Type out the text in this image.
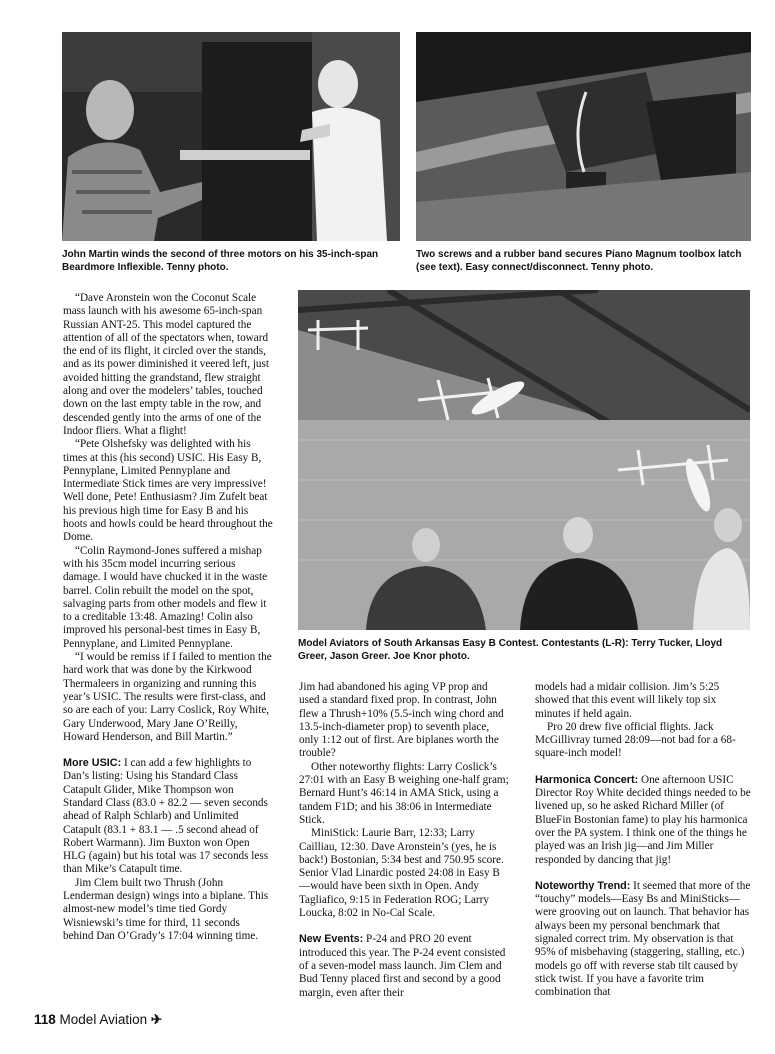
John Martin winds the second of three motors on his 35-inch-span Beardmore Inflexible. Tenny photo.
Two screws and a rubber band secures Piano Magnum toolbox latch (see text). Easy connect/disconnect. Tenny photo.
Model Aviators of South Arkansas Easy B Contest. Contestants (L-R): Terry Tucker, Lloyd Greer, Jason Greer. Joe Knor photo.

“Dave Aronstein won the Coconut Scale mass launch with his awesome 65-inch-span Russian ANT-25. This model captured the attention of all of the spectators when, toward the end of its flight, it circled over the stands, and as its power diminished it veered left, just avoided hitting the grandstand, flew straight along and over the modelers’ tables, touched down on the last empty table in the row, and descended gently into the arms of one of the Indoor fliers. What a flight!

“Pete Olshefsky was delighted with his times at this (his second) USIC. His Easy B, Pennyplane, Limited Pennyplane and Intermediate Stick times are very impressive! Well done, Pete! Enthusiasm? Jim Zufelt beat his previous high time for Easy B and his hoots and howls could be heard throughout the Dome.

“Colin Raymond-Jones suffered a mishap with his 35cm model incurring serious damage. I would have chucked it in the waste barrel. Colin rebuilt the model on the spot, salvaging parts from other models and flew it to a creditable 13:48. Amazing! Colin also improved his personal-best times in Easy B, Pennyplane, and Limited Pennyplane.

“I would be remiss if I failed to mention the hard work that was done by the Kirkwood Thermaleers in organizing and running this year’s USIC. The results were first-class, and so are each of you: Larry Coslick, Roy White, Gary Underwood, Mary Jane O’Reilly, Howard Henderson, and Bill Martin.”

More USIC: I can add a few highlights to Dan’s listing: Using his Standard Class Catapult Glider, Mike Thompson won Standard Class (83.0 + 82.2 — seven seconds ahead of Ralph Schlarb) and Unlimited Catapult (83.1 + 83.1 — .5 second ahead of Robert Warmann). Jim Buxton won Open HLG (again) but his total was 17 seconds less than Mike’s Catapult time.

Jim Clem built two Thrush (John Lenderman design) wings into a biplane. This almost-new model’s time tied Gordy Wisniewski’s time for third, 11 seconds behind Dan O’Grady’s 17:04 winning time.

Jim had abandoned his aging VP prop and used a standard fixed prop. In contrast, John flew a Thrush+10% (5.5-inch wing chord and 13.5-inch-diameter prop) to seventh place, only 1:12 out of first. Are biplanes worth the trouble?

Other noteworthy flights: Larry Coslick’s 27:01 with an Easy B weighing one-half gram; Bernard Hunt’s 46:14 in AMA Stick, using a tandem F1D; and his 38:06 in Intermediate Stick.

MiniStick: Laurie Barr, 12:33; Larry Cailliau, 12:30. Dave Aronstein’s (yes, he is back!) Bostonian, 5:34 best and 750.95 score. Senior Vlad Linardic posted 24:08 in Easy B—would have been sixth in Open. Andy Tagliafico, 9:15 in Federation ROG; Larry Loucka, 8:02 in No-Cal Scale.

New Events: P-24 and PRO 20 event introduced this year. The P-24 event consisted of a seven-model mass launch. Jim Clem and Bud Tenny placed first and second by a good margin, even after their

models had a midair collision. Jim’s 5:25 showed that this event will likely top six minutes if held again.

Pro 20 drew five official flights. Jack McGillivray turned 28:09—not bad for a 68-square-inch model!

Harmonica Concert: One afternoon USIC Director Roy White decided things needed to be livened up, so he asked Richard Miller (of BlueFin Bostonian fame) to play his harmonica over the PA system. I think one of the things he played was an Irish jig—and Jim Miller responded by dancing that jig!

Noteworthy Trend: It seemed that more of the “touchy” models—Easy Bs and MiniSticks—were grooving out on launch. That behavior has always been my personal benchmark that signaled correct trim. My observation is that 95% of misbehaving (staggering, stalling, etc.) models go off with reverse stab tilt caused by stick twist. If you have a favorite trim combination that

118 Model Aviation ✈
